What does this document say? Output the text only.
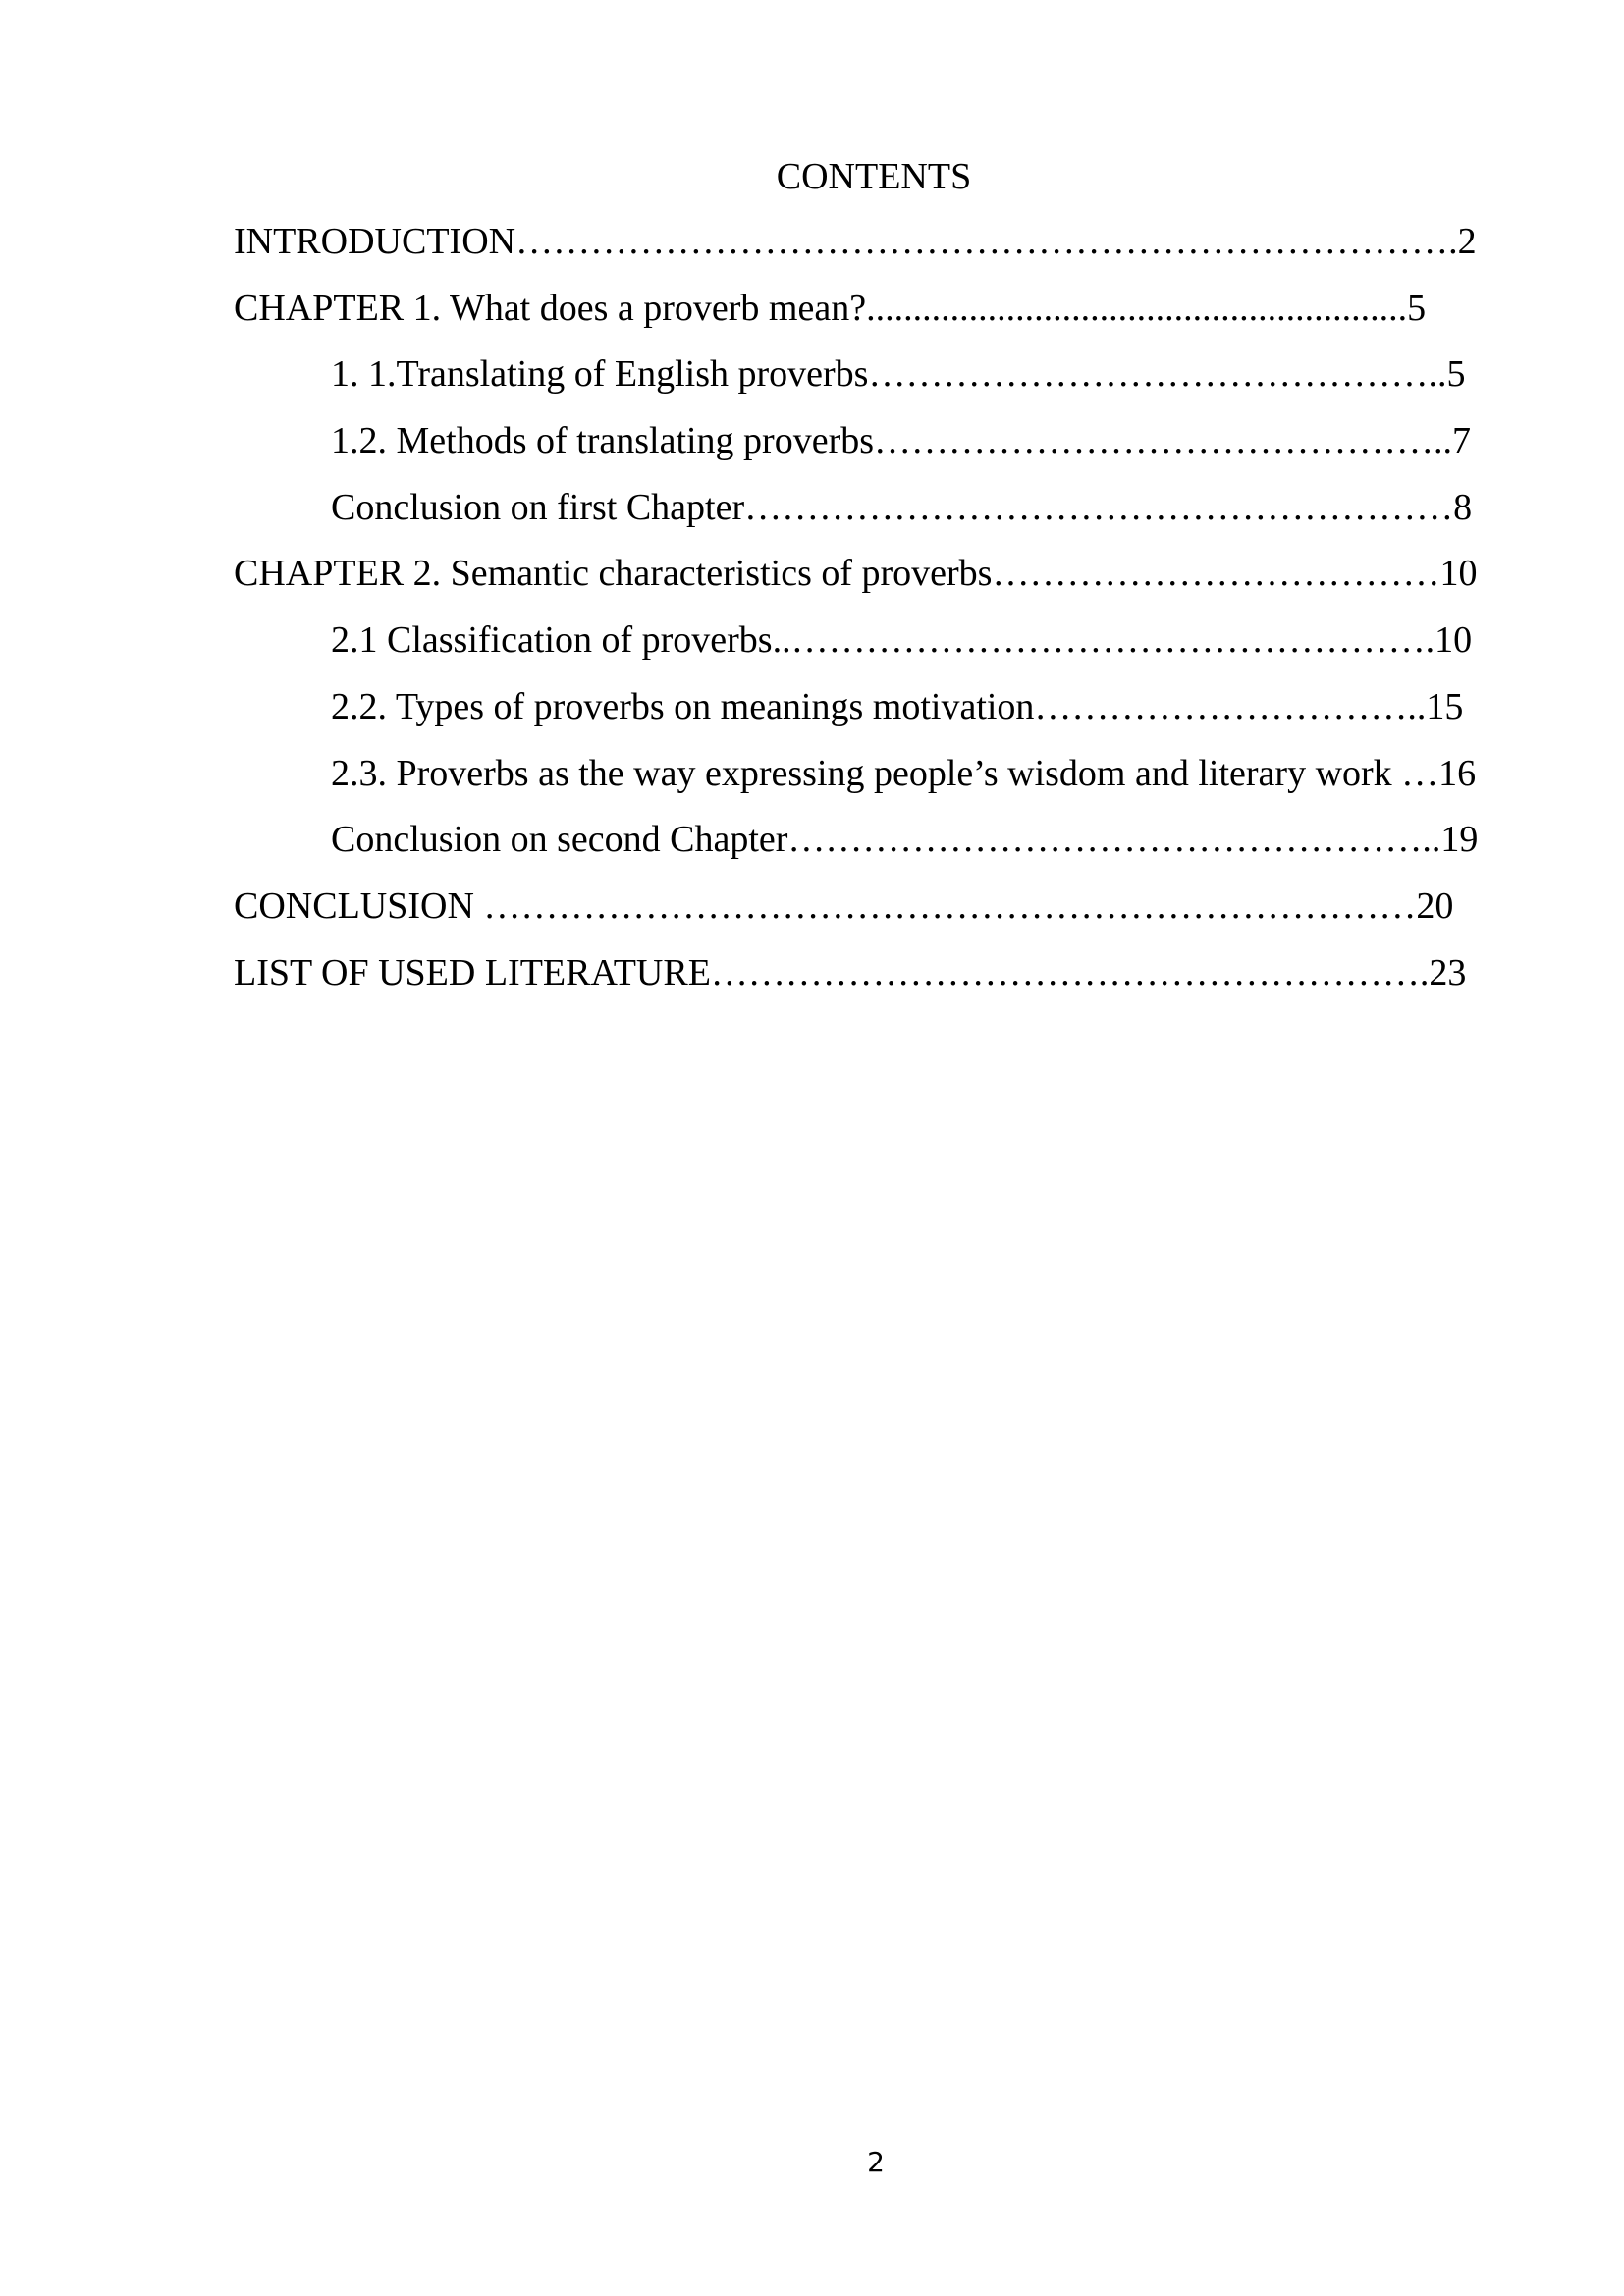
CONTENTS
INTRODUCTION………………………………………………………………….2
CHAPTER 1. What does a proverb mean?..........................................................5
1. 1.Translating of English proverbs………………………………………..5
1.2. Methods of translating proverbs………………………………………..7
Conclusion on first Chapter…………………………………………………8
CHAPTER 2. Semantic characteristics of proverbs………………………………10
2.1 Classification of proverbs..…………………………………………….10
2.2. Types of proverbs on meanings motivation…………………………..15
2.3. Proverbs as the way expressing people’s wisdom and literary work …16
Conclusion on second Chapter……………………………………………..19
CONCLUSION …………………………………………………………………20
LIST OF USED LITERATURE………………………………………………….23
2
